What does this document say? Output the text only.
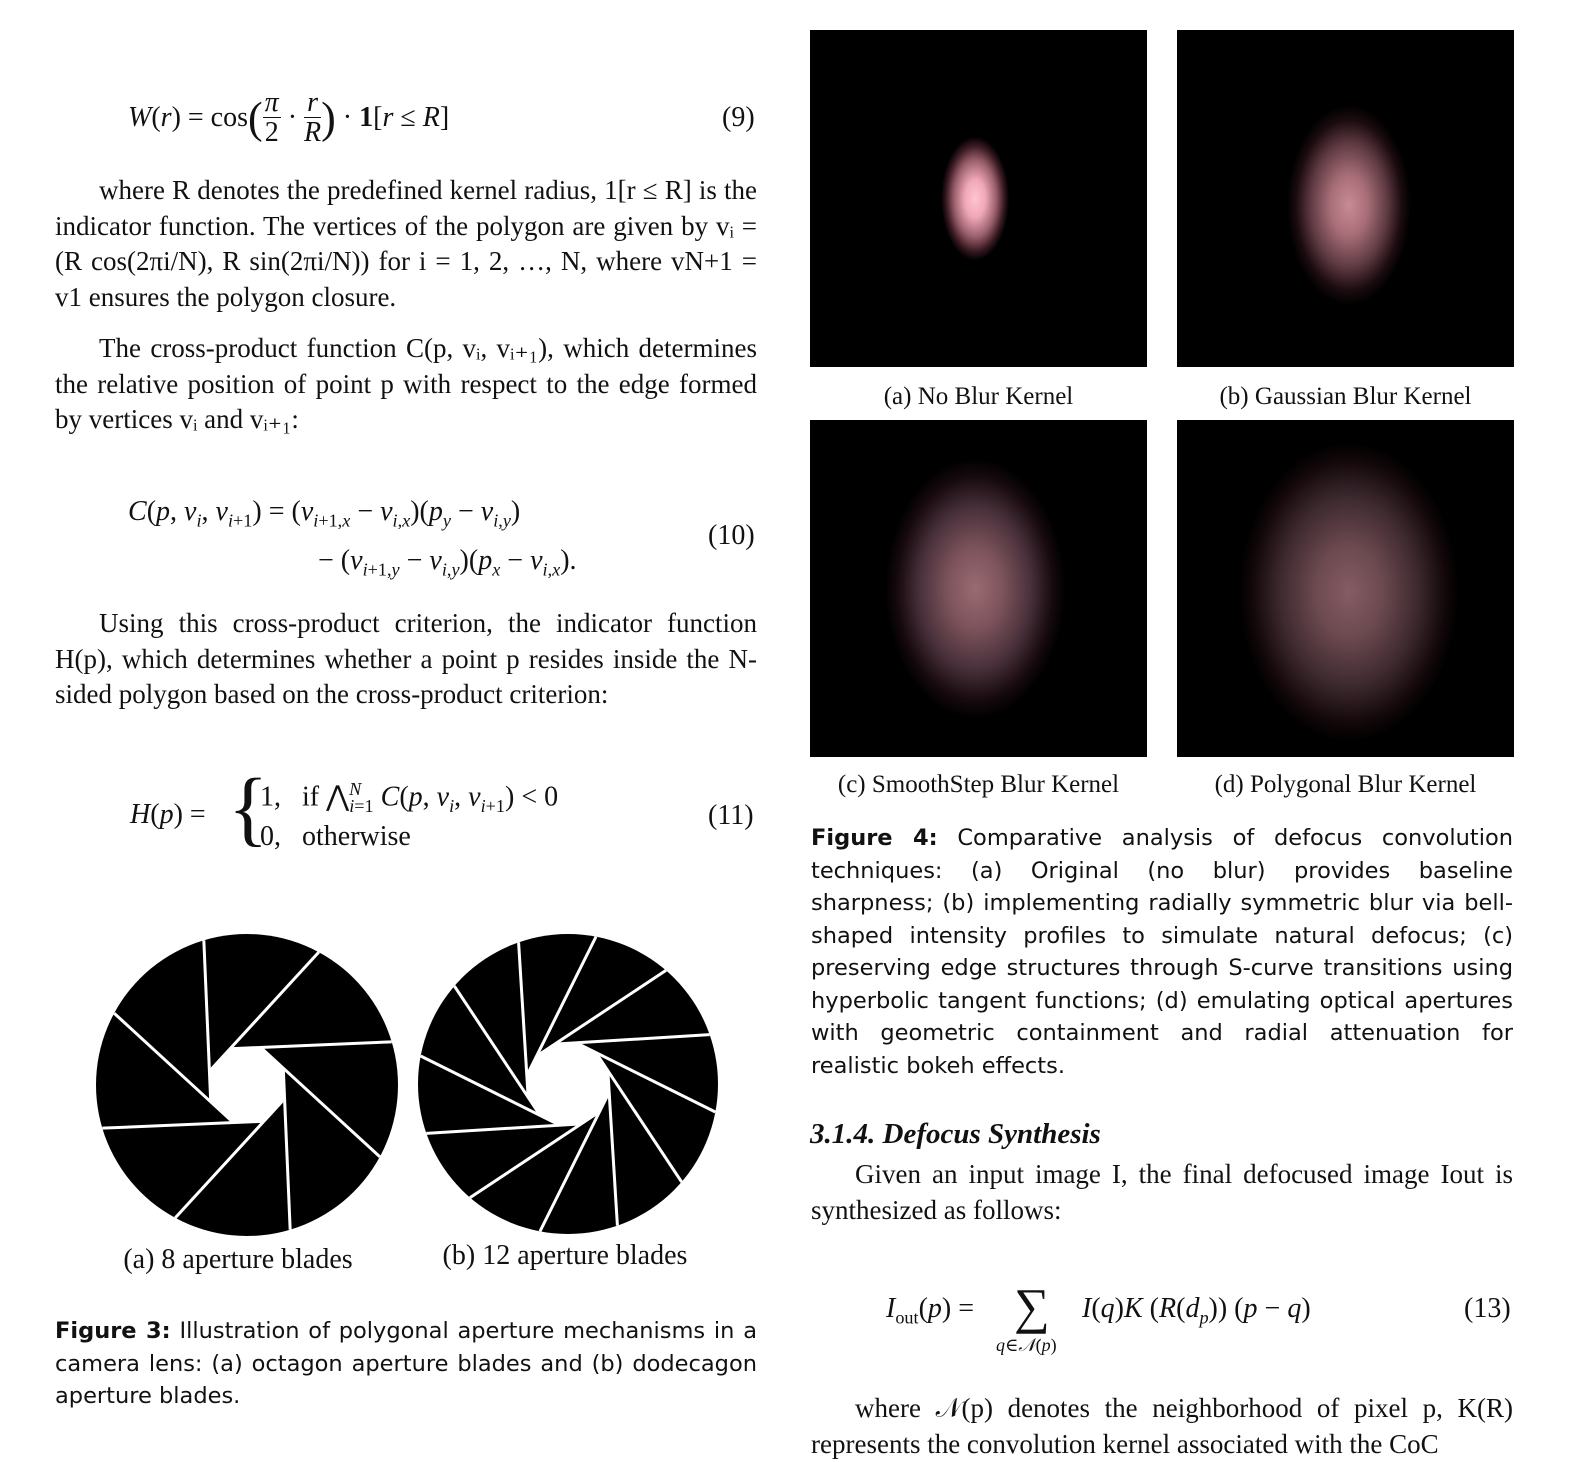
$W(r) = \cos( \frac{\pi}{2} \cdot \frac{r}{R}$ ) · 1[r ≤ R]	(9)
where R denotes the predefined kernel radius, 1[r ≤ R] is the indicator function. The vertices of the polygon are given by vᵢ = (R cos(2πi/N), R sin(2πi/N)) for i = 1, 2, …, N, where vN+1 = v1 ensures the polygon closure.
The cross-product function C(p, vᵢ, vᵢ₊₁), which determines the relative position of point p with respect to the edge formed by vertices vᵢ and vᵢ₊₁:
C(p, $v_i$, $v_{i+1}) = (v_{i+1,x} - v_{i,x})(p_y - v_{i,y})$
− $(v_{i+1,y} - v_{i,y})(p_x - v_{i,x})$.
(10)
Using this cross-product criterion, the indicator function H(p), which determines whether a point p resides inside the N-sided polygon based on the cross-product criterion:
H(p) = {
1,   if ⋀$^N_{i=1}$ C(p, $v_i$, $v_{i+1}) < 0$
0,   otherwise
(11)
(a) 8 aperture blades	(b) 12 aperture blades
Figure 3: Illustration of polygonal aperture mechanisms in a camera lens: (a) octagon aperture blades and (b) dodecagon aperture blades.
(a) No Blur Kernel	(b) Gaussian Blur Kernel
(c) SmoothStep Blur Kernel	(d) Polygonal Blur Kernel
Figure 4: Comparative analysis of defocus convolution techniques: (a) Original (no blur) provides baseline sharpness; (b) implementing radially symmetric blur via bell-shaped intensity profiles to simulate natural defocus; (c) preserving edge structures through S-curve transitions using hyperbolic tangent functions; (d) emulating optical apertures with geometric containment and radial attenuation for realistic bokeh effects.
3.1.4. Defocus Synthesis
Given an input image I, the final defocused image Iout is synthesized as follows:
$I_{out}(p)$ = ∑
q∈𝒩(p)
I(q)K $(R(d_p)) (p - q)$	(13)
where 𝒩(p) denotes the neighborhood of pixel p, K(R) represents the convolution kernel associated with the CoC
